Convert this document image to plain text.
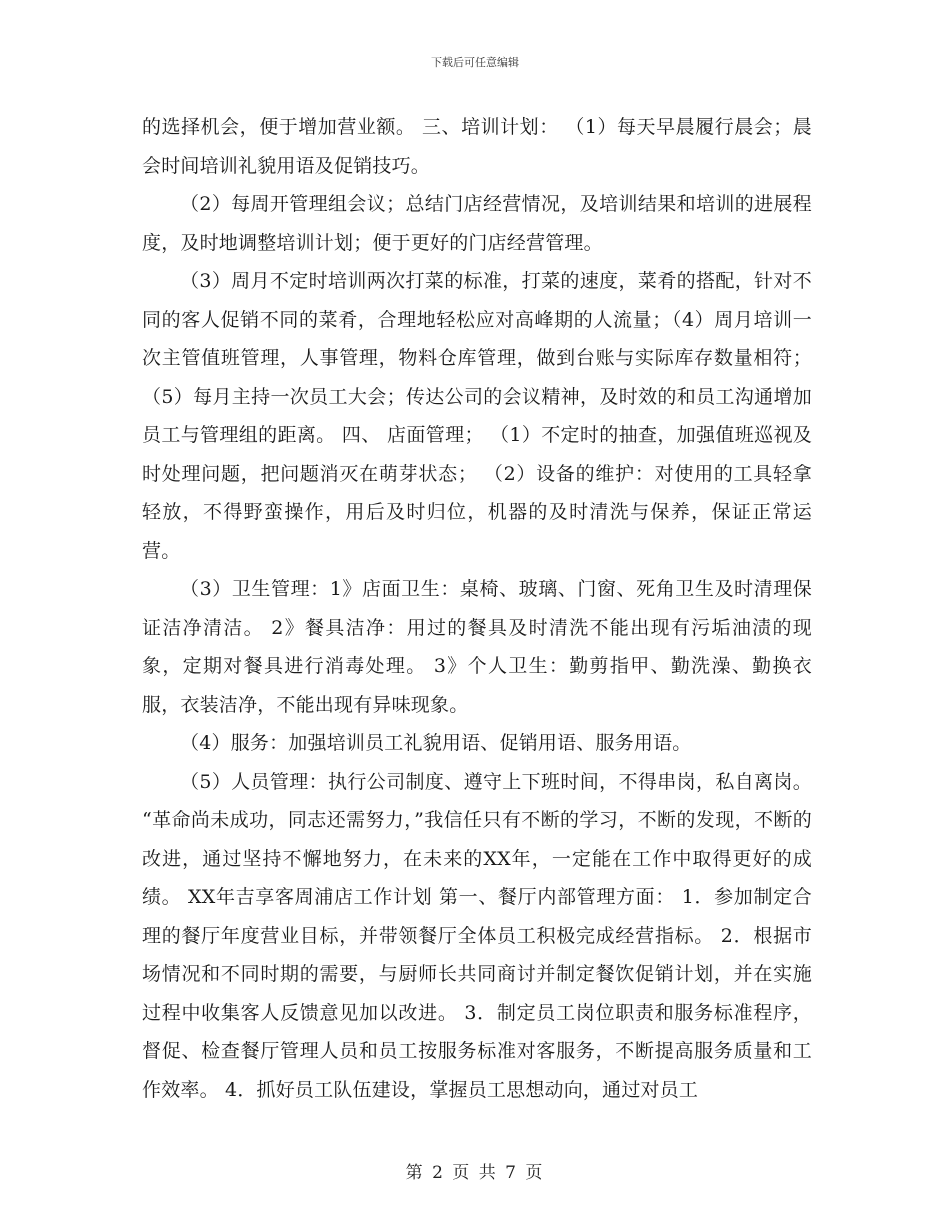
下载后可任意编辑

的选择机会，便于增加营业额。 三、培训计划： （1）每天早晨履行晨会；晨会时间培训礼貌用语及促销技巧。

（2）每周开管理组会议；总结门店经营情况，及培训结果和培训的进展程度，及时地调整培训计划；便于更好的门店经营管理。

（3）周月不定时培训两次打菜的标准，打菜的速度，菜肴的搭配，针对不同的客人促销不同的菜肴，合理地轻松应对高峰期的人流量；（4）周月培训一次主管值班管理，人事管理，物料仓库管理，做到台账与实际库存数量相符；（5）每月主持一次员工大会；传达公司的会议精神，及时效的和员工沟通增加员工与管理组的距离。 四、 店面管理； （1）不定时的抽查，加强值班巡视及时处理问题，把问题消灭在萌芽状态； （2）设备的维护：对使用的工具轻拿轻放，不得野蛮操作，用后及时归位，机器的及时清洗与保养，保证正常运营。

（3）卫生管理：1》店面卫生：桌椅、玻璃、门窗、死角卫生及时清理保证洁净清洁。 2》餐具洁净：用过的餐具及时清洗不能出现有污垢油渍的现象，定期对餐具进行消毒处理。 3》个人卫生：勤剪指甲、勤洗澡、勤换衣服，衣装洁净，不能出现有异味现象。

（4）服务：加强培训员工礼貌用语、促销用语、服务用语。

（5）人员管理：执行公司制度、遵守上下班时间，不得串岗，私自离岗。 “革命尚未成功，同志还需努力，”我信任只有不断的学习，不断的发现，不断的改进，通过坚持不懈地努力，在未来的XX年，一定能在工作中取得更好的成绩。 XX年吉享客周浦店工作计划 第一、餐厅内部管理方面： 1．参加制定合理的餐厅年度营业目标，并带领餐厅全体员工积极完成经营指标。 2．根据市场情况和不同时期的需要，与厨师长共同商讨并制定餐饮促销计划，并在实施过程中收集客人反馈意见加以改进。 3．制定员工岗位职责和服务标准程序，督促、检查餐厅管理人员和员工按服务标准对客服务，不断提高服务质量和工作效率。 4．抓好员工队伍建设，掌握员工思想动向，通过对员工

第 2 页 共 7 页
